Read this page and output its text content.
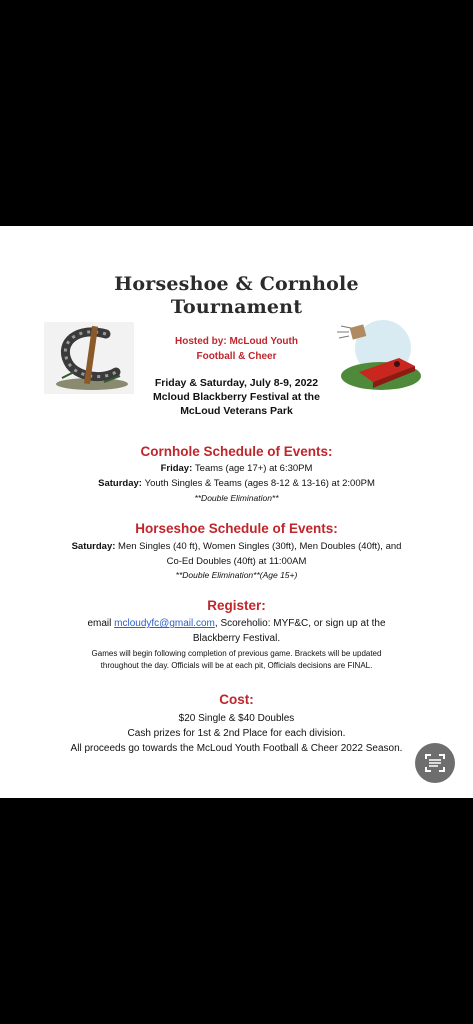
Horseshoe & Cornhole
Tournament
Hosted by: McLoud Youth
Football & Cheer
Friday & Saturday, July 8-9, 2022
Mcloud Blackberry Festival at the
McLoud Veterans Park
Cornhole Schedule of Events:
Friday: Teams (age 17+) at 6:30PM
Saturday: Youth Singles & Teams (ages 8-12 & 13-16) at 2:00PM
**Double Elimination**
Horseshoe Schedule of Events:
Saturday: Men Singles (40 ft), Women Singles (30ft), Men Doubles (40ft), and
Co-Ed Doubles (40ft) at 11:00AM
**Double Elimination**(Age 15+)
Register:
email mcloudyfc@gmail.com, Scoreholio: MYF&C, or sign up at the
Blackberry Festival.
Games will begin following completion of previous game. Brackets will be updated
throughout the day. Officials will be at each pit, Officials decisions are FINAL.
Cost:
$20 Single & $40 Doubles
Cash prizes for 1st & 2nd Place for each division.
All proceeds go towards the McLoud Youth Football & Cheer 2022 Season.
